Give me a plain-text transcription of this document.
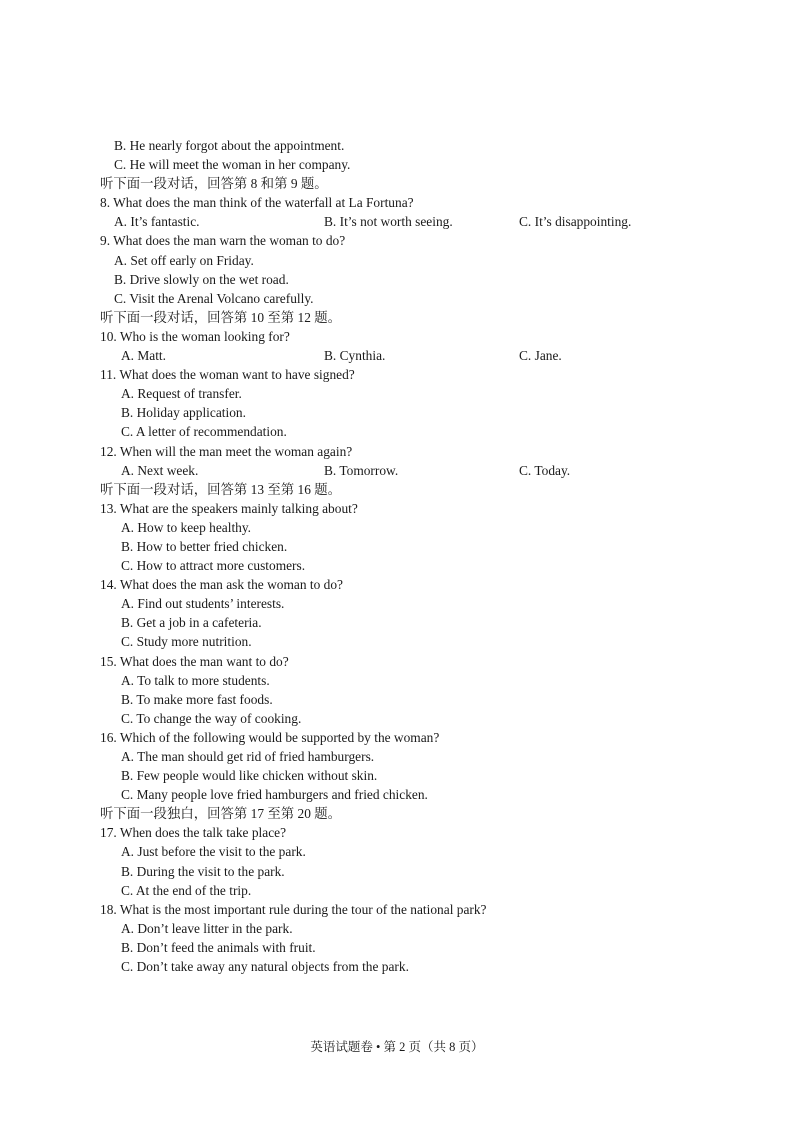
B. He nearly forgot about the appointment.
C. He will meet the woman in her company.
听下面一段对话，回答第 8 和第 9 题。
8. What does the man think of the waterfall at La Fortuna?
A. It’s fantastic.	B. It’s not worth seeing.	C. It’s disappointing.
9. What does the man warn the woman to do?
A. Set off early on Friday.
B. Drive slowly on the wet road.
C. Visit the Arenal Volcano carefully.
听下面一段对话，回答第 10 至第 12 题。
10. Who is the woman looking for?
A. Matt.	B. Cynthia.	C. Jane.
11. What does the woman want to have signed?
A. Request of transfer.
B. Holiday application.
C. A letter of recommendation.
12. When will the man meet the woman again?
A. Next week.	B. Tomorrow.	C. Today.
听下面一段对话，回答第 13 至第 16 题。
13. What are the speakers mainly talking about?
A. How to keep healthy.
B. How to better fried chicken.
C. How to attract more customers.
14. What does the man ask the woman to do?
A. Find out students’ interests.
B. Get a job in a cafeteria.
C. Study more nutrition.
15. What does the man want to do?
A. To talk to more students.
B. To make more fast foods.
C. To change the way of cooking.
16. Which of the following would be supported by the woman?
A. The man should get rid of fried hamburgers.
B. Few people would like chicken without skin.
C. Many people love fried hamburgers and fried chicken.
听下面一段独白，回答第 17 至第 20 题。
17. When does the talk take place?
A. Just before the visit to the park.
B. During the visit to the park.
C. At the end of the trip.
18. What is the most important rule during the tour of the national park?
A. Don’t leave litter in the park.
B. Don’t feed the animals with fruit.
C. Don’t take away any natural objects from the park.
英语试题卷 • 第 2 页（共 8 页）
